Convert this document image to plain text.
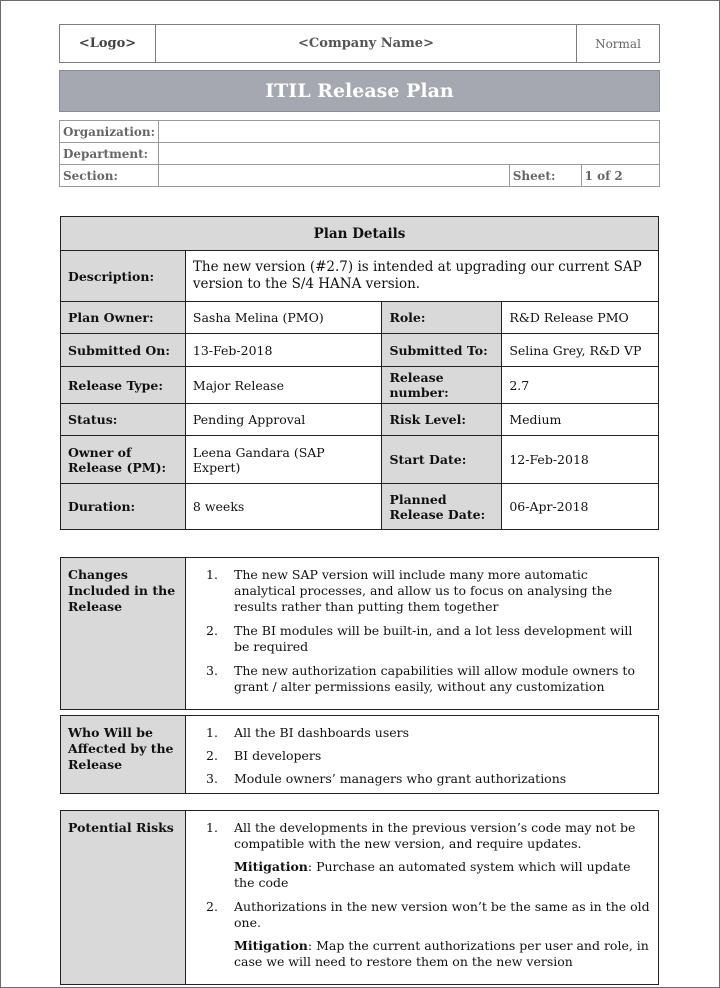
<Logo>	<Company Name>	Normal
ITIL Release Plan
Organization:			
Department:			
Section:		Sheet:	1 of 2
Plan Details			
Description:	The new version (#2.7) is intended at upgrading our current SAP version to the S/4 HANA version.		
Plan Owner:	Sasha Melina (PMO)	Role:	R&D Release PMO
Submitted On:	13-Feb-2018	Submitted To:	Selina Grey, R&D VP
Release Type:	Major Release	Release number:	2.7
Status:	Pending Approval	Risk Level:	Medium
Owner of Release (PM):	Leena Gandara (SAP Expert)	Start Date:	12-Feb-2018
Duration:	8 weeks	Planned Release Date:	06-Apr-2018
Changes Included in the Release	
1.	The new SAP version will include many more automatic analytical processes, and allow us to focus on analysing the results rather than putting them together
2.	The BI modules will be built-in, and a lot less development will be required
3.	The new authorization capabilities will allow module owners to grant / alter permissions easily, without any customization
Who Will be Affected by the Release	
1.	All the BI dashboards users
2.	BI developers
3.	Module owners’ managers who grant authorizations
Potential Risks	1.	All the developments in the previous version’s code may not be compatible with the new version, and require updates.
Mitigation: Purchase an automated system which will update the code
2.	Authorizations in the new version won’t be the same as in the old one.
Mitigation: Map the current authorizations per user and role, in case we will need to restore them on the new version
